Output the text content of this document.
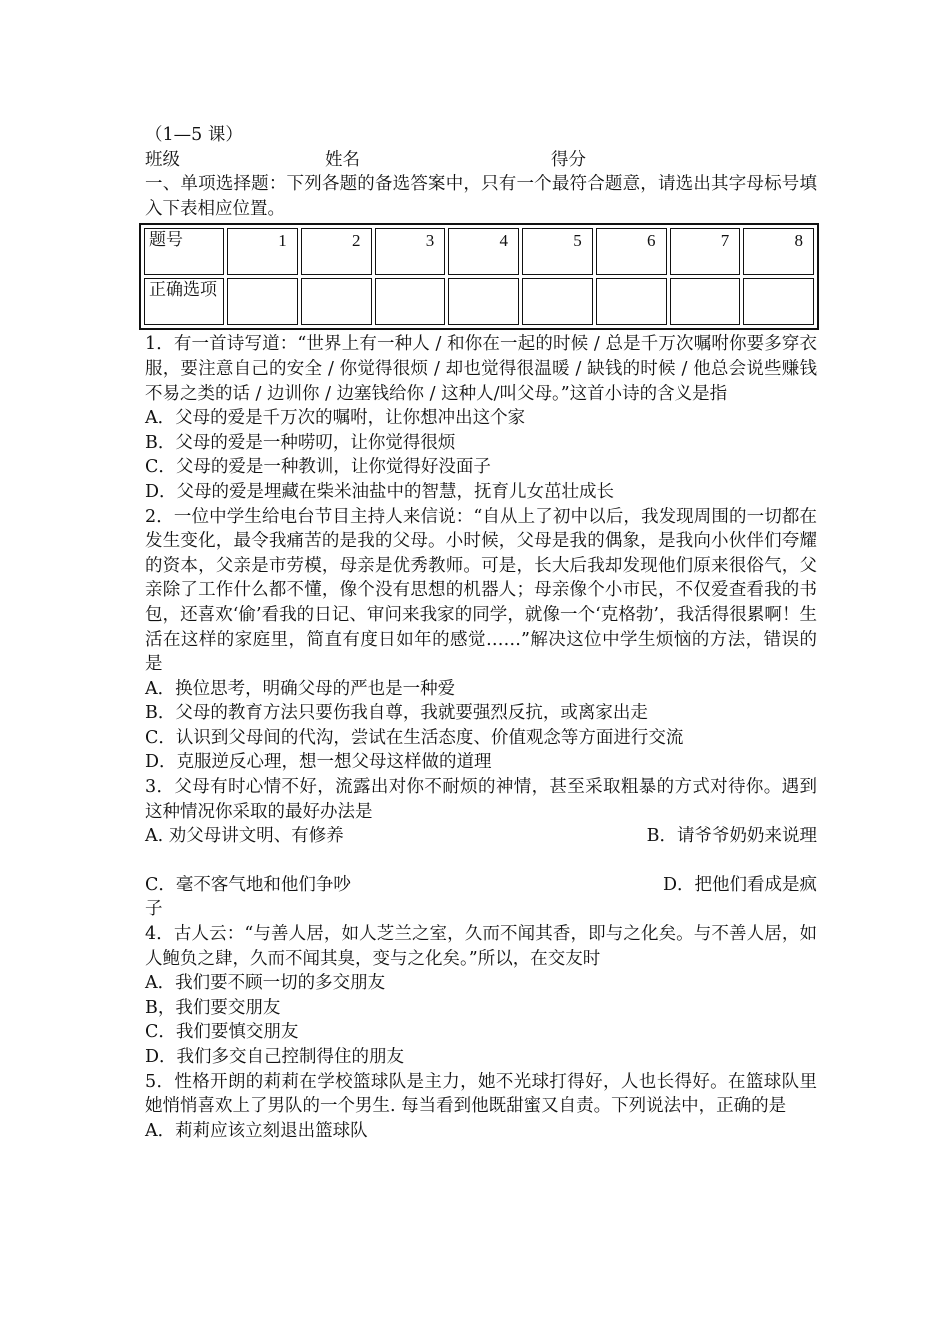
（1—5 课）
班级	姓名	得分
一、单项选择题：下列各题的备选答案中，只有一个最符合题意，请选出其字母标号填入下表相应位置。
题号	1	2	3	4	5	6	7	8
正确选项								
1．有一首诗写道：“世界上有一种人 / 和你在一起的时候 / 总是千万次嘱咐你要多穿衣服，要注意自己的安全 / 你觉得很烦 / 却也觉得很温暖 / 缺钱的时候 / 他总会说些赚钱不易之类的话 / 边训你 / 边塞钱给你 / 这种人/叫父母。”这首小诗的含义是指
A．父母的爱是千万次的嘱咐，让你想冲出这个家
B．父母的爱是一种唠叨，让你觉得很烦
C．父母的爱是一种教训，让你觉得好没面子
D．父母的爱是埋藏在柴米油盐中的智慧，抚育儿女茁壮成长
2．一位中学生给电台节目主持人来信说：“自从上了初中以后，我发现周围的一切都在发生变化，最令我痛苦的是我的父母。小时候，父母是我的偶象，是我向小伙伴们夸耀的资本，父亲是市劳模，母亲是优秀教师。可是，长大后我却发现他们原来很俗气，父亲除了工作什么都不懂，像个没有思想的机器人；母亲像个小市民，不仅爱查看我的书包，还喜欢‘偷’看我的日记、审问来我家的同学，就像一个‘克格勃’，我活得很累啊！生活在这样的家庭里，简直有度日如年的感觉……”解决这位中学生烦恼的方法，错误的是
A．换位思考，明确父母的严也是一种爱
B．父母的教育方法只要伤我自尊，我就要强烈反抗，或离家出走
C．认识到父母间的代沟，尝试在生活态度、价值观念等方面进行交流
D．克服逆反心理，想一想父母这样做的道理
3．父母有时心情不好，流露出对你不耐烦的神情，甚至采取粗暴的方式对待你。遇到这种情况你采取的最好办法是
A. 劝父母讲文明、有修养	B．请爷爷奶奶来说理
C．毫不客气地和他们争吵	D．把他们看成是疯
子
4．古人云：“与善人居，如人芝兰之室，久而不闻其香，即与之化矣。与不善人居，如人鲍负之肆，久而不闻其臭，变与之化矣。”所以，在交友时
A．我们要不顾一切的多交朋友
B，我们要交朋友
C．我们要慎交朋友
D．我们多交自己控制得住的朋友
5．性格开朗的莉莉在学校篮球队是主力，她不光球打得好，人也长得好。在篮球队里她悄悄喜欢上了男队的一个男生. 每当看到他既甜蜜又自责。下列说法中，正确的是
A．莉莉应该立刻退出篮球队
